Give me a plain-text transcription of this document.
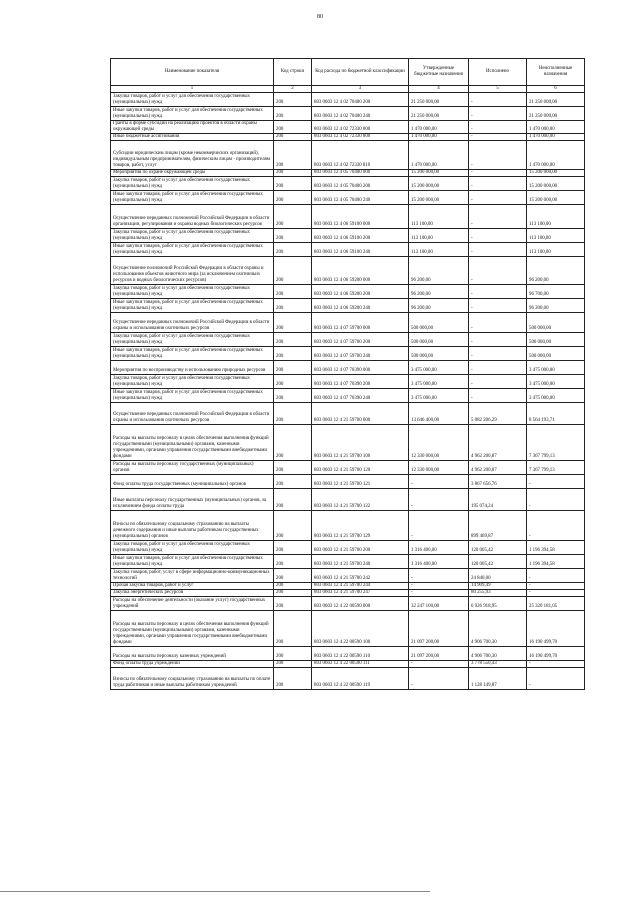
80
Наименование показателя	Код строки	Код расхода по бюджетной классификации	Утвержденные бюджетные назначения	Исполнено	Неисполненные назначения
1	2	3	4	5	6
Закупка товаров, работ и услуг для обеспечения государственных (муниципальных) нужд	200	803 0603 12 4 02 70400 200	21 250 000,00	-	21 250 000,00
Иные закупки товаров, работ и услуг для обеспечения государственных (муниципальных) нужд	200	803 0603 12 4 02 70400 240	21 250 000,00	-	21 250 000,00
Гранты в форме субсидий на реализацию проектов в области охраны окружающей среды	200	803 0603 12 4 02 72330 000	1 470 000,00	-	1 470 000,00
Иные бюджетные ассигнования	200	803 0603 12 4 02 72330 800	1 470 000,00	-	1 470 000,00
Субсидии юридическим лицам (кроме некоммерческих организаций), индивидуальным предпринимателям, физическим лицам - производителям товаров, работ, услуг	200	803 0603 12 4 02 72330 810	1 470 000,00	-	1 470 000,00
Мероприятия по охране окружающей среды	200	803 0603 12 4 05 70400 000	15 200 000,00	-	15 200 000,00
Закупка товаров, работ и услуг для обеспечения государственных (муниципальных) нужд	200	803 0603 12 4 05 70400 200	15 200 000,00	-	15 200 000,00
Иные закупки товаров, работ и услуг для обеспечения государственных (муниципальных) нужд	200	803 0603 12 4 05 70400 240	15 200 000,00	-	15 200 000,00
Осуществление переданных полномочий Российской Федерации в области организации, регулирования и охраны водных биологических ресурсов	200	803 0603 12 4 06 59100 000	113 100,00	-	113 100,00
Закупка товаров, работ и услуг для обеспечения государственных (муниципальных) нужд	200	803 0603 12 4 06 59100 200	113 100,00	-	113 100,00
Иные закупки товаров, работ и услуг для обеспечения государственных (муниципальных) нужд	200	803 0603 12 4 06 59100 240	113 100,00	-	113 100,00
Осуществление полномочий Российской Федерации в области охраны и использования объектов животного мира (за исключением охотничьих ресурсов и водных биологических ресурсов)	200	803 0603 12 4 06 59200 000	96 200,00	-	96 200,00
Закупка товаров, работ и услуг для обеспечения государственных (муниципальных) нужд	200	803 0603 12 4 06 59200 200	96 200,00	-	96 700,00
Иные закупки товаров, работ и услуг для обеспечения государственных (муниципальных) нужд	200	803 0603 12 4 06 59200 240	96 200,00	-	96 200,00
Осуществление переданных полномочий Российской Федерации в области охраны и использования охотничьих ресурсов	200	803 0603 12 4 07 59700 000	500 000,00	-	500 000,00
Закупка товаров, работ и услуг для обеспечения государственных (муниципальных) нужд	200	803 0603 12 4 07 59700 200	500 000,00	-	500 000,00
Иные закупки товаров, работ и услуг для обеспечения государственных (муниципальных) нужд	200	803 0603 12 4 07 59700 240	500 000,00	-	500 000,00
Мероприятия по воспроизводству и использованию природных ресурсов	200	803 0603 12 4 07 70390 000	3 475 000,00	-	3 475 000,00
Закупка товаров, работ и услуг для обеспечения государственных (муниципальных) нужд	200	803 0603 12 4 07 70390 200	3 475 000,00	-	3 475 000,00
Иные закупки товаров, работ и услуг для обеспечения государственных (муниципальных) нужд	200	803 0603 12 4 07 70390 240	3 475 000,00	-	3 475 000,00
Осуществление переданных полномочий Российской Федерации в области охраны и использования охотничьих ресурсов	200	803 0603 12 4 21 59700 000	13 646 400,00	5 082 206,29	8 564 193,71
Расходы на выплаты персоналу в целях обеспечения выполнения функций государственными (муниципальными) органами, казенными учреждениями, органами управления государственными внебюджетными фондами	200	803 0603 12 4 21 59700 100	12 330 000,00	4 962 200,87	7 367 799,13
Расходы на выплаты персоналу государственных (муниципальных) органов	200	803 0603 12 4 21 59700 120	12 330 000,00	4 962 200,87	7 367 799,13
Фонд оплаты труда государственных (муниципальных) органов	200	803 0603 12 4 21 59700 121	-	3 867 656,76	-
Иные выплаты персоналу государственных (муниципальных) органов, за исключением фонда оплаты труда	200	803 0603 12 4 21 59700 122	-	195 074,24	-
Взносы по обязательному социальному страхованию на выплаты денежного содержания и иные выплаты работникам государственных (муниципальных) органов	200	803 0603 12 4 21 59700 129	-	899 469,87	-
Закупка товаров, работ и услуг для обеспечения государственных (муниципальных) нужд	200	803 0603 12 4 21 59700 200	1 316 400,00	120 005,42	1 196 394,58
Иные закупки товаров, работ и услуг для обеспечения государственных (муниципальных) нужд	200	803 0603 12 4 21 59700 240	1 316 400,00	120 005,42	1 196 394,58
Закупка товаров, работ, услуг в сфере информационно-коммуникационных технологий	200	803 0603 12 4 21 59700 242	-	24 840,00	-
Прочая закупка товаров, работ и услуг	200	803 0603 12 4 21 59700 244	-	14 909,49	-
Закупка энергетических ресурсов	200	803 0603 12 4 21 59700 247	-	80 255,93	-
Расходы на обеспечение деятельности (оказание услуг) государственных учреждений	200	803 0603 12 4 22 00590 000	32 247 100,00	6 926 918,95	25 320 181,05
Расходы на выплаты персоналу в целях обеспечения выполнения функций государственными (муниципальными) органами, казенными учреждениями, органами управления государственными внебюджетными фондами	200	803 0603 12 4 22 00590 100	21 097 200,00	4 906 700,30	16 190 499,70
Расходы на выплаты персоналу казенных учреждений	200	803 0603 12 4 22 00590 110	21 097 200,00	4 906 700,30	16 190 499,70
Фонд оплаты труда учреждений	200	803 0603 12 4 22 00590 111	-	3 778 550,43	-
Взносы по обязательному социальному страхованию на выплаты по оплате труда работников и иные выплаты работникам учреждений	200	803 0603 12 4 22 00590 119	-	1 128 149,87	-
